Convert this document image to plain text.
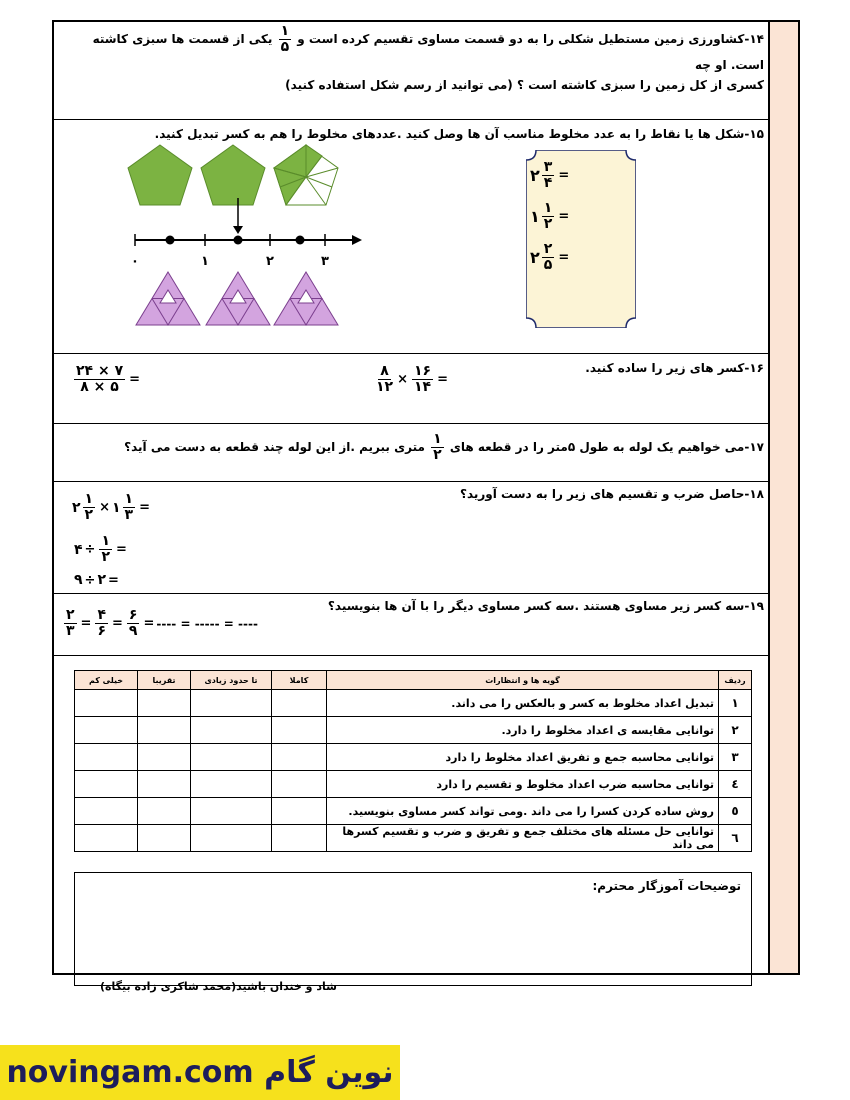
۱۴-کشاورزی زمین مستطیل شکلی را به دو قسمت مساوی تقسیم کرده است و
$\frac{۱}{۵}$
یکی از قسمت ها سبزی کاشته است. او چه
کسری از کل زمین را سبزی کاشته است ؟ (می توانید از رسم شکل استفاده کنید)
۱۵-شکل ها یا نقاط را به عدد مخلوط مناسب آن ها وصل کنید .عددهای مخلوط را هم به کسر تبدیل کنید.
۱۶-کسر های زیر را ساده کنید.
$\frac{۸}{۱۲} \times \frac{۱۶}{۱۴}$ =
$\frac{۲۴ \times ۷}{۸ \times ۵}$ =
۱۷-می خواهیم یک لوله به طول ۵متر را در قطعه های
$\frac{۱}{۲}$
متری ببریم .از این لوله چند قطعه به دست می آید؟
۱۸-حاصل ضرب و تقسیم های زیر را به دست آورید؟
۲ $\frac{۱}{۲}$ × ۱ $\frac{۱}{۳}$ =
۴ ÷ $\frac{۱}{۲}$ =
۹ ÷ ۲ =
۱۹-سه کسر زیر مساوی هستند .سه کسر مساوی دیگر را با آن ها بنویسید؟
$\frac{۲}{۳} = \frac{۴}{۶} = \frac{۶}{۹}$ = ---- = ----- = ----
ردیف	گویه ها و انتظارات	کاملا	تا حدود زیادی	تقریبا	خیلی کم
۱	تبدیل اعداد مخلوط به کسر و بالعکس را می داند.				
۲	توانایی مقایسه ی اعداد مخلوط را دارد.				
۳	توانایی محاسبه جمع و تفریق اعداد مخلوط را دارد				
٤	توانایی محاسبه ضرب اعداد مخلوط و تقسیم را دارد				
٥	روش ساده کردن کسرا را می داند .ومی تواند کسر مساوی بنویسید.				
٦	توانایی حل مسئله های مختلف جمع و تفریق و ضرب و تقسیم کسرها می داند				
توضیحات آموزگار محترم:
۰	۱	۲	۳
۲ $\frac{۳}{۴}$ =
۱ $\frac{۱}{۲}$ =
۲ $\frac{۲}{۵}$ =
شاد و خندان باشید(محمد شاکری زاده بیگاه)
novingam.com نوین گام
